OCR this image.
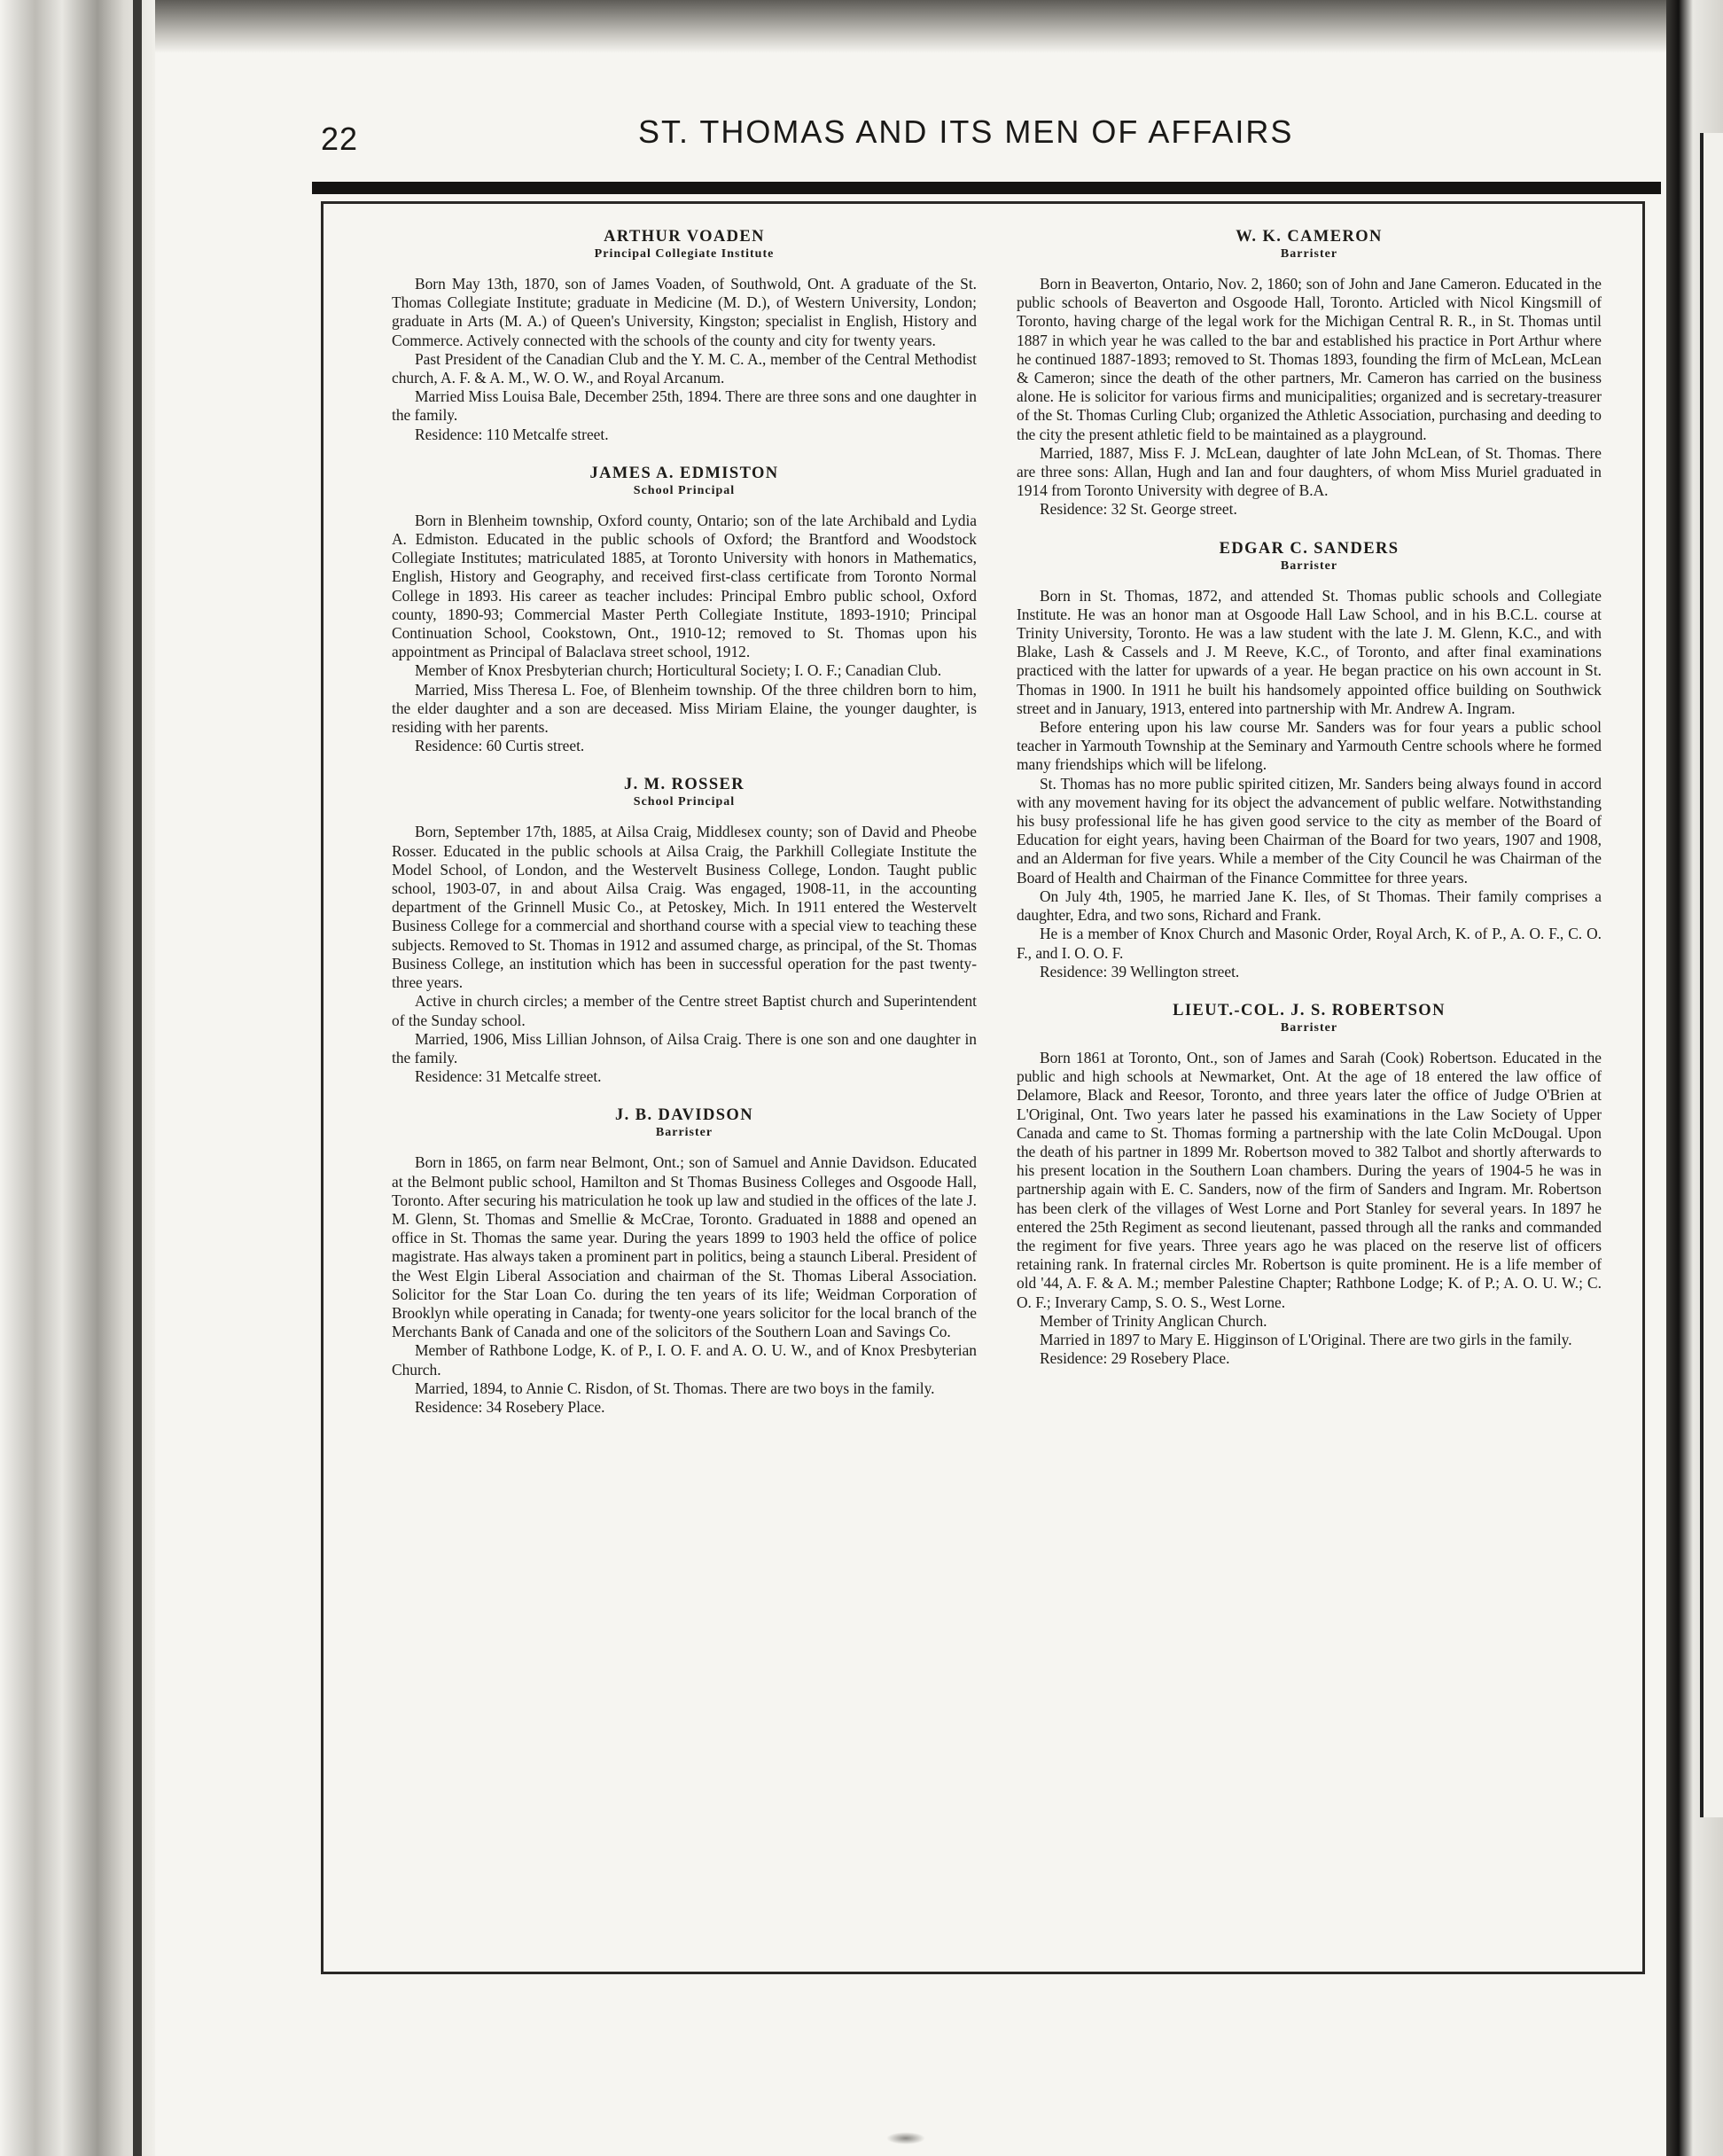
22	ST. THOMAS AND ITS MEN OF AFFAIRS
ARTHUR VOADEN
Principal Collegiate Institute

Born May 13th, 1870, son of James Voaden, of Southwold, Ont. A graduate of the St. Thomas Collegiate Institute; graduate in Medicine (M. D.), of Western University, London; graduate in Arts (M. A.) of Queen's University, Kingston; specialist in English, History and Commerce. Actively connected with the schools of the county and city for twenty years.

Past President of the Canadian Club and the Y. M. C. A., member of the Central Methodist church, A. F. & A. M., W. O. W., and Royal Arcanum.

Married Miss Louisa Bale, December 25th, 1894. There are three sons and one daughter in the family.

Residence: 110 Metcalfe street.

JAMES A. EDMISTON
School Principal

Born in Blenheim township, Oxford county, Ontario; son of the late Archibald and Lydia A. Edmiston. Educated in the public schools of Oxford; the Brantford and Woodstock Collegiate Institutes; matriculated 1885, at Toronto University with honors in Mathematics, English, History and Geography, and received first-class certificate from Toronto Normal College in 1893. His career as teacher includes: Principal Embro public school, Oxford county, 1890-93; Commercial Master Perth Collegiate Institute, 1893-1910; Principal Continuation School, Cookstown, Ont., 1910-12; removed to St. Thomas upon his appointment as Principal of Balaclava street school, 1912.

Member of Knox Presbyterian church; Horticultural Society; I. O. F.; Canadian Club.

Married, Miss Theresa L. Foe, of Blenheim township. Of the three children born to him, the elder daughter and a son are deceased. Miss Miriam Elaine, the younger daughter, is residing with her parents.

Residence: 60 Curtis street.

J. M. ROSSER
School Principal

Born, September 17th, 1885, at Ailsa Craig, Middlesex county; son of David and Pheobe Rosser. Educated in the public schools at Ailsa Craig, the Parkhill Collegiate Institute the Model School, of London, and the Westervelt Business College, London. Taught public school, 1903-07, in and about Ailsa Craig. Was engaged, 1908-11, in the accounting department of the Grinnell Music Co., at Petoskey, Mich. In 1911 entered the Westervelt Business College for a commercial and shorthand course with a special view to teaching these subjects. Removed to St. Thomas in 1912 and assumed charge, as principal, of the St. Thomas Business College, an institution which has been in successful operation for the past twenty-three years.

Active in church circles; a member of the Centre street Baptist church and Superintendent of the Sunday school.

Married, 1906, Miss Lillian Johnson, of Ailsa Craig. There is one son and one daughter in the family.

Residence: 31 Metcalfe street.

J. B. DAVIDSON
Barrister

Born in 1865, on farm near Belmont, Ont.; son of Samuel and Annie Davidson. Educated at the Belmont public school, Hamilton and St Thomas Business Colleges and Osgoode Hall, Toronto. After securing his matriculation he took up law and studied in the offices of the late J. M. Glenn, St. Thomas and Smellie & McCrae, Toronto. Graduated in 1888 and opened an office in St. Thomas the same year. During the years 1899 to 1903 held the office of police magistrate. Has always taken a prominent part in politics, being a staunch Liberal. President of the West Elgin Liberal Association and chairman of the St. Thomas Liberal Association. Solicitor for the Star Loan Co. during the ten years of its life; Weidman Corporation of Brooklyn while operating in Canada; for twenty-one years solicitor for the local branch of the Merchants Bank of Canada and one of the solicitors of the Southern Loan and Savings Co.

Member of Rathbone Lodge, K. of P., I. O. F. and A. O. U. W., and of Knox Presbyterian Church.

Married, 1894, to Annie C. Risdon, of St. Thomas. There are two boys in the family.

Residence: 34 Rosebery Place.

W. K. CAMERON
Barrister

Born in Beaverton, Ontario, Nov. 2, 1860; son of John and Jane Cameron. Educated in the public schools of Beaverton and Osgoode Hall, Toronto. Articled with Nicol Kingsmill of Toronto, having charge of the legal work for the Michigan Central R. R., in St. Thomas until 1887 in which year he was called to the bar and established his practice in Port Arthur where he continued 1887-1893; removed to St. Thomas 1893, founding the firm of McLean, McLean & Cameron; since the death of the other partners, Mr. Cameron has carried on the business alone. He is solicitor for various firms and municipalities; organized and is secretary-treasurer of the St. Thomas Curling Club; organized the Athletic Association, purchasing and deeding to the city the present athletic field to be maintained as a playground.

Married, 1887, Miss F. J. McLean, daughter of late John McLean, of St. Thomas. There are three sons: Allan, Hugh and Ian and four daughters, of whom Miss Muriel graduated in 1914 from Toronto University with degree of B.A.

Residence: 32 St. George street.

EDGAR C. SANDERS
Barrister

Born in St. Thomas, 1872, and attended St. Thomas public schools and Collegiate Institute. He was an honor man at Osgoode Hall Law School, and in his B.C.L. course at Trinity University, Toronto. He was a law student with the late J. M. Glenn, K.C., and with Blake, Lash & Cassels and J. M Reeve, K.C., of Toronto, and after final examinations practiced with the latter for upwards of a year. He began practice on his own account in St. Thomas in 1900. In 1911 he built his handsomely appointed office building on Southwick street and in January, 1913, entered into partnership with Mr. Andrew A. Ingram.

Before entering upon his law course Mr. Sanders was for four years a public school teacher in Yarmouth Township at the Seminary and Yarmouth Centre schools where he formed many friendships which will be lifelong.

St. Thomas has no more public spirited citizen, Mr. Sanders being always found in accord with any movement having for its object the advancement of public welfare. Notwithstanding his busy professional life he has given good service to the city as member of the Board of Education for eight years, having been Chairman of the Board for two years, 1907 and 1908, and an Alderman for five years. While a member of the City Council he was Chairman of the Board of Health and Chairman of the Finance Committee for three years.

On July 4th, 1905, he married Jane K. Iles, of St Thomas. Their family comprises a daughter, Edra, and two sons, Richard and Frank.

He is a member of Knox Church and Masonic Order, Royal Arch, K. of P., A. O. F., C. O. F., and I. O. O. F.

Residence: 39 Wellington street.

LIEUT.-COL. J. S. ROBERTSON
Barrister

Born 1861 at Toronto, Ont., son of James and Sarah (Cook) Robertson. Educated in the public and high schools at Newmarket, Ont. At the age of 18 entered the law office of Delamore, Black and Reesor, Toronto, and three years later the office of Judge O'Brien at L'Original, Ont. Two years later he passed his examinations in the Law Society of Upper Canada and came to St. Thomas forming a partnership with the late Colin McDougal. Upon the death of his partner in 1899 Mr. Robertson moved to 382 Talbot and shortly afterwards to his present location in the Southern Loan chambers. During the years of 1904-5 he was in partnership again with E. C. Sanders, now of the firm of Sanders and Ingram. Mr. Robertson has been clerk of the villages of West Lorne and Port Stanley for several years. In 1897 he entered the 25th Regiment as second lieutenant, passed through all the ranks and commanded the regiment for five years. Three years ago he was placed on the reserve list of officers retaining rank. In fraternal circles Mr. Robertson is quite prominent. He is a life member of old '44, A. F. & A. M.; member Palestine Chapter; Rathbone Lodge; K. of P.; A. O. U. W.; C. O. F.; Inverary Camp, S. O. S., West Lorne.

Member of Trinity Anglican Church.

Married in 1897 to Mary E. Higginson of L'Original. There are two girls in the family.

Residence: 29 Rosebery Place.
